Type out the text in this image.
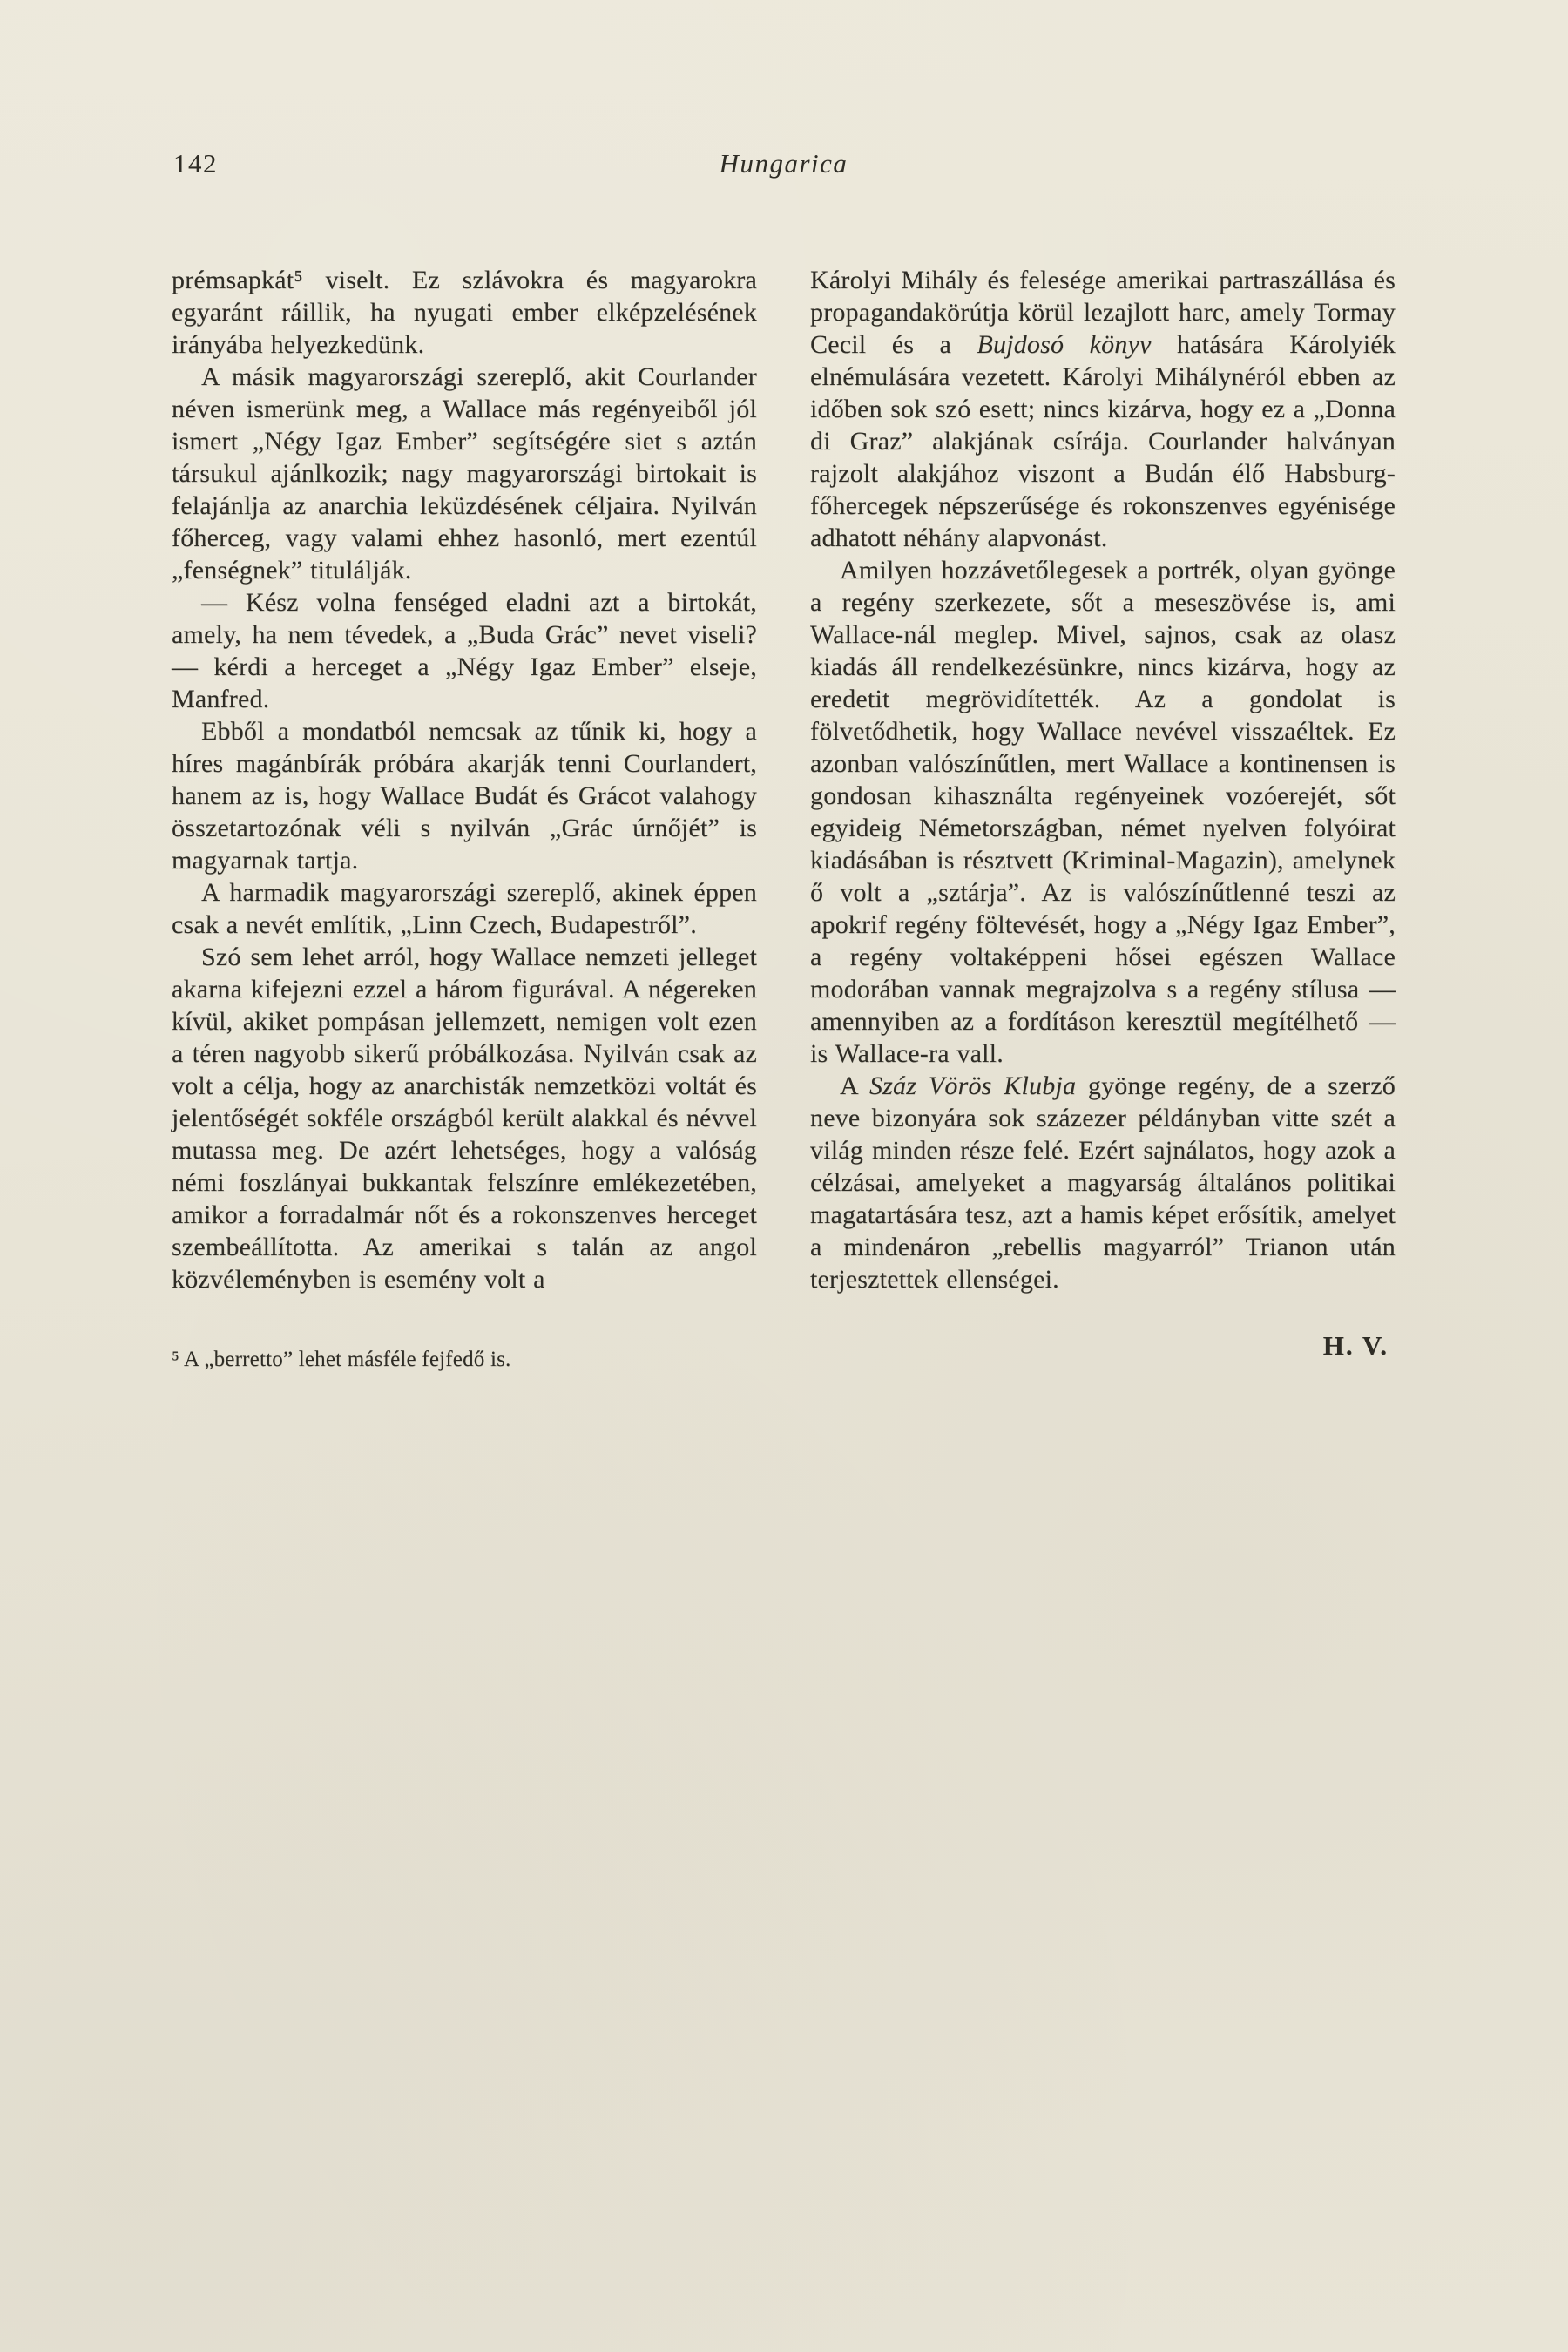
142	Hungarica

prémsapkát⁵ viselt. Ez szlávokra és magyarokra egyaránt ráillik, ha nyugati ember elképzelésének irányába helyezkedünk.

A másik magyarországi szereplő, akit Courlander néven ismerünk meg, a Wallace más regényeiből jól ismert „Négy Igaz Ember” segítségére siet s aztán társukul ajánlkozik; nagy magyarországi birtokait is felajánlja az anarchia leküzdésének céljaira. Nyilván főherceg, vagy valami ehhez hasonló, mert ezentúl „fenségnek” titulálják.

— Kész volna fenséged eladni azt a birtokát, amely, ha nem tévedek, a „Buda Grác” nevet viseli? — kérdi a herceget a „Négy Igaz Ember” elseje, Manfred.

Ebből a mondatból nemcsak az tűnik ki, hogy a híres magánbírák próbára akarják tenni Courlandert, hanem az is, hogy Wallace Budát és Grácot valahogy összetartozónak véli s nyilván „Grác úrnőjét” is magyarnak tartja.

A harmadik magyarországi szereplő, akinek éppen csak a nevét említik, „Linn Czech, Budapestről”.

Szó sem lehet arról, hogy Wallace nemzeti jelleget akarna kifejezni ezzel a három figurával. A négereken kívül, akiket pompásan jellemzett, nemigen volt ezen a téren nagyobb sikerű próbálkozása. Nyilván csak az volt a célja, hogy az anarchisták nemzetközi voltát és jelentőségét sokféle országból került alakkal és névvel mutassa meg. De azért lehetséges, hogy a valóság némi foszlányai bukkantak felszínre emlékezetében, amikor a forradalmár nőt és a rokonszenves herceget szembeállította. Az amerikai s talán az angol közvéleményben is esemény volt a

⁵ A „berretto” lehet másféle fejfedő is.

Károlyi Mihály és felesége amerikai partraszállása és propagandakörútja körül lezajlott harc, amely Tormay Cecil és a Bujdosó könyv hatására Károlyiék elnémulására vezetett. Károlyi Mihálynéról ebben az időben sok szó esett; nincs kizárva, hogy ez a „Donna di Graz” alakjának csírája. Courlander halványan rajzolt alakjához viszont a Budán élő Habsburg-főhercegek népszerűsége és rokonszenves egyénisége adhatott néhány alapvonást.

Amilyen hozzávetőlegesek a portrék, olyan gyönge a regény szerkezete, sőt a meseszövése is, ami Wallace-nál meglep. Mivel, sajnos, csak az olasz kiadás áll rendelkezésünkre, nincs kizárva, hogy az eredetit megrövidítették. Az a gondolat is fölvetődhetik, hogy Wallace nevével visszaéltek. Ez azonban valószínűtlen, mert Wallace a kontinensen is gondosan kihasználta regényeinek vozóerejét, sőt egyideig Németországban, német nyelven folyóirat kiadásában is résztvett (Kriminal-Magazin), amelynek ő volt a „sztárja”. Az is valószínűtlenné teszi az apokrif regény föltevését, hogy a „Négy Igaz Ember”, a regény voltaképpeni hősei egészen Wallace modorában vannak megrajzolva s a regény stílusa — amennyiben az a fordításon keresztül megítélhető — is Wallace-ra vall.

A Száz Vörös Klubja gyönge regény, de a szerző neve bizonyára sok százezer példányban vitte szét a világ minden része felé. Ezért sajnálatos, hogy azok a célzásai, amelyeket a magyarság általános politikai magatartására tesz, azt a hamis képet erősítik, amelyet a mindenáron „rebellis magyarról” Trianon után terjesztettek ellenségei.

H. V.
